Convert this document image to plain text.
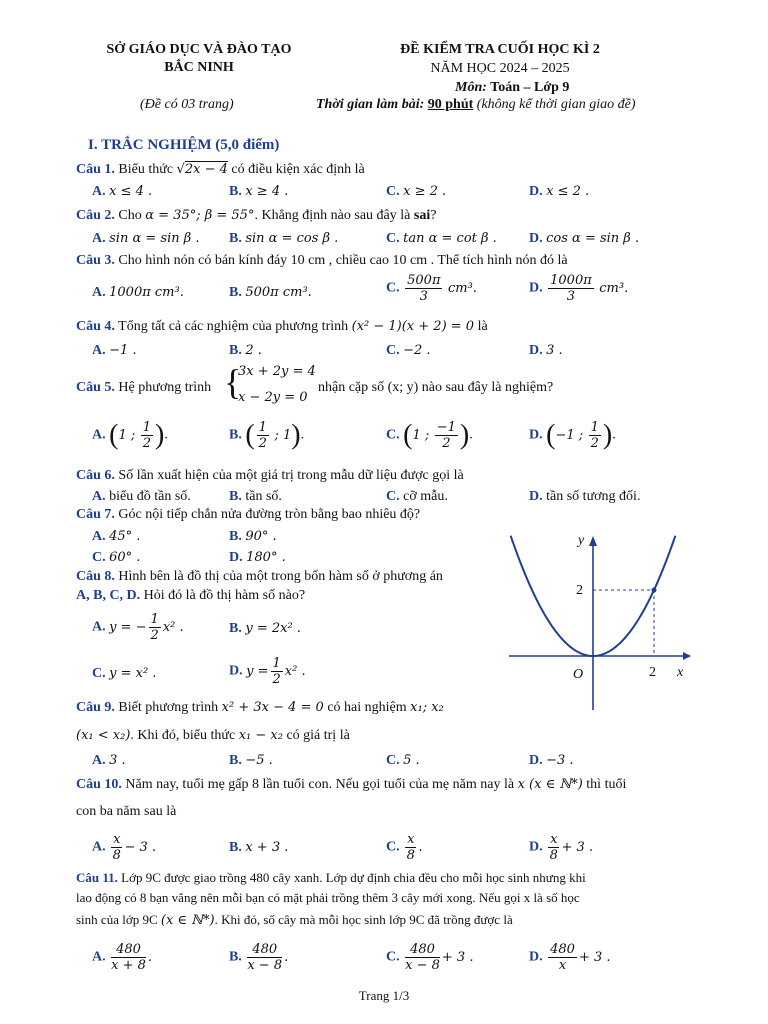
SỞ GIÁO DỤC VÀ ĐÀO TẠO
BẮC NINH
(Đề có 03 trang)
ĐỀ KIỂM TRA CUỐI HỌC KÌ 2
NĂM HỌC 2024 – 2025
Môn: Toán – Lớp 9
Thời gian làm bài: 90 phút (không kể thời gian giao đề)
I. TRẮC NGHIỆM (5,0 điểm)
Câu 1. Biểu thức √2x − 4 có điều kiện xác định là
A. x ≤ 4 .	B. x ≥ 4 .	C. x ≥ 2 .	D. x ≤ 2 .
Câu 2. Cho α = 35°; β = 55°. Khẳng định nào sau đây là sai?
A. sin α = sin β . B. sin α = cos β .	C. tan α = cot β . D. cos α = sin β .
Câu 3. Cho hình nón có bán kính đáy 10 cm , chiều cao 10 cm . Thể tích hình nón đó là
A. 1000π cm³.	B. 500π cm³.	C. $\frac{500\pi}{3} cm^3$.	D. $\frac{1000\pi}{3} cm^3$.
Câu 4. Tổng tất cả các nghiệm của phương trình (x² − 1)(x + 2) = 0 là
A. −1 .	B. 2 .	C. −2 .	D. 3 .
Câu 5. Hệ phương trình {
3x + 2y = 4
x − 2y = 0
nhận cặp số (x; y) nào sau đây là nghiệm?
A. (1 ; $\frac{1}{2}$ ).	B. ( $\frac{1}{2}$ ; 1).	C. (1 ; $\frac{-1}{2}$ ).	D. (−1 ; $\frac{1}{2}$ ).
Câu 6. Số lần xuất hiện của một giá trị trong mẫu dữ liệu được gọi là
A. biểu đồ tần số.	B. tần số.	C. cỡ mẫu.	D. tần số tương đối.
Câu 7. Góc nội tiếp chắn nửa đường tròn bằng bao nhiêu độ?
A. 45° .	B. 90° .
C. 60° .	D. 180° .
Câu 8. Hình bên là đồ thị của một trong bốn hàm số ở phương án
A, B, C, D. Hỏi đó là đồ thị hàm số nào?
A. y = − $\frac{1}{2} x^2$ .	B. y = 2x² .
C. y = x² .	D. $y = \frac{1}{2} x^2$ .
y
x
O
2
2
Câu 9. Biết phương trình x² + 3x − 4 = 0 có hai nghiệm x₁; x₂
(x₁ < x₂). Khi đó, biểu thức x₁ − x₂ có giá trị là
A. 3 .	B. −5 .	C. 5 .	D. −3 .
Câu 10. Năm nay, tuổi mẹ gấp 8 lần tuổi con. Nếu gọi tuổi của mẹ năm nay là x (x ∈ ℕ*) thì tuổi
con ba năm sau là
A. $\frac{x}{8} - 3$ .	B. x + 3 .	C. $\frac{x}{8}$ .	D. $\frac{x}{8} + 3$ .
Câu 11. Lớp 9C được giao trồng 480 cây xanh. Lớp dự định chia đều cho mỗi học sinh nhưng khi
lao động có 8 bạn vắng nên mỗi bạn có mặt phải trồng thêm 3 cây mới xong. Nếu gọi x là số học
sinh của lớp 9C (x ∈ ℕ*). Khi đó, số cây mà mỗi học sinh lớp 9C đã trồng được là
A. $\frac{480}{x + 8}$ .	B. $\frac{480}{x - 8}$ .	C. $\frac{480}{x - 8} + 3$ .	D. $\frac{480}{x} + 3$ .
Trang 1/3
